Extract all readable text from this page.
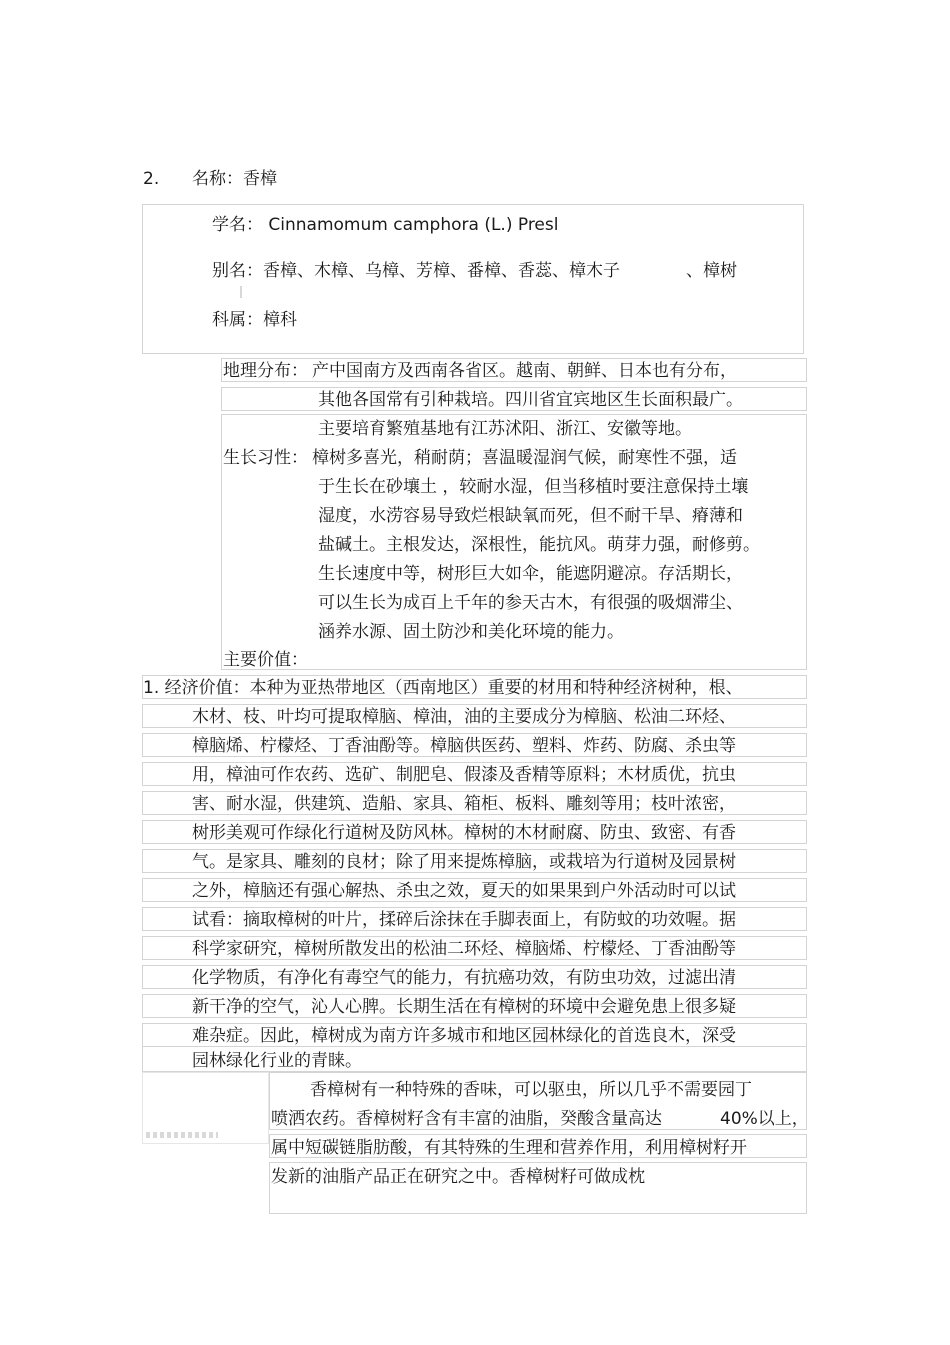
2. 名称：香樟
学名： Cinnamomum camphora (L.) Presl
别名：香樟、木樟、乌樟、芳樟、番樟、香蕊、樟木子	、樟树
科属：樟科
地理分布： 产中国南方及西南各省区。越南、朝鲜、日本也有分布，
其他各国常有引种栽培。四川省宜宾地区生长面积最广。
主要培育繁殖基地有江苏沭阳、浙江、安徽等地。
生长习性： 樟树多喜光，稍耐荫；喜温暖湿润气候，耐寒性不强，适
于生长在砂壤土 ，较耐水湿，但当移植时要注意保持土壤
湿度，水涝容易导致烂根缺氧而死，但不耐干旱、瘠薄和
盐碱土。主根发达，深根性，能抗风。萌芽力强，耐修剪。
生长速度中等，树形巨大如伞，能遮阴避凉。存活期长，
可以生长为成百上千年的参天古木，有很强的吸烟滞尘、
涵养水源、固土防沙和美化环境的能力。
主要价值：
1. 经济价值：本种为亚热带地区（西南地区）重要的材用和特种经济树种，根、
木材、枝、叶均可提取樟脑、樟油，油的主要成分为樟脑、松油二环烃、
樟脑烯、柠檬烃、丁香油酚等。樟脑供医药、塑料、炸药、防腐、杀虫等
用，樟油可作农药、选矿、制肥皂、假漆及香精等原料；木材质优，抗虫
害、耐水湿，供建筑、造船、家具、箱柜、板料、雕刻等用；枝叶浓密，
树形美观可作绿化行道树及防风林。樟树的木材耐腐、防虫、致密、有香
气。是家具、雕刻的良材；除了用来提炼樟脑，或栽培为行道树及园景树
之外，樟脑还有强心解热、杀虫之效，夏天的如果果到户外活动时可以试
试看：摘取樟树的叶片，揉碎后涂抹在手脚表面上，有防蚊的功效喔。据
科学家研究，樟树所散发出的松油二环烃、樟脑烯、柠檬烃、丁香油酚等
化学物质，有净化有毒空气的能力，有抗癌功效，有防虫功效，过滤出清
新干净的空气，沁人心脾。长期生活在有樟树的环境中会避免患上很多疑
难杂症。因此，樟树成为南方许多城市和地区园林绿化的首选良木，深受
园林绿化行业的青睐。
香樟树有一种特殊的香味，可以驱虫，所以几乎不需要园丁
喷洒农药。香樟树籽含有丰富的油脂，癸酸含量高达	40%以上，
属中短碳链脂肪酸，有其特殊的生理和营养作用，利用樟树籽开
发新的油脂产品正在研究之中。香樟树籽可做成枕
